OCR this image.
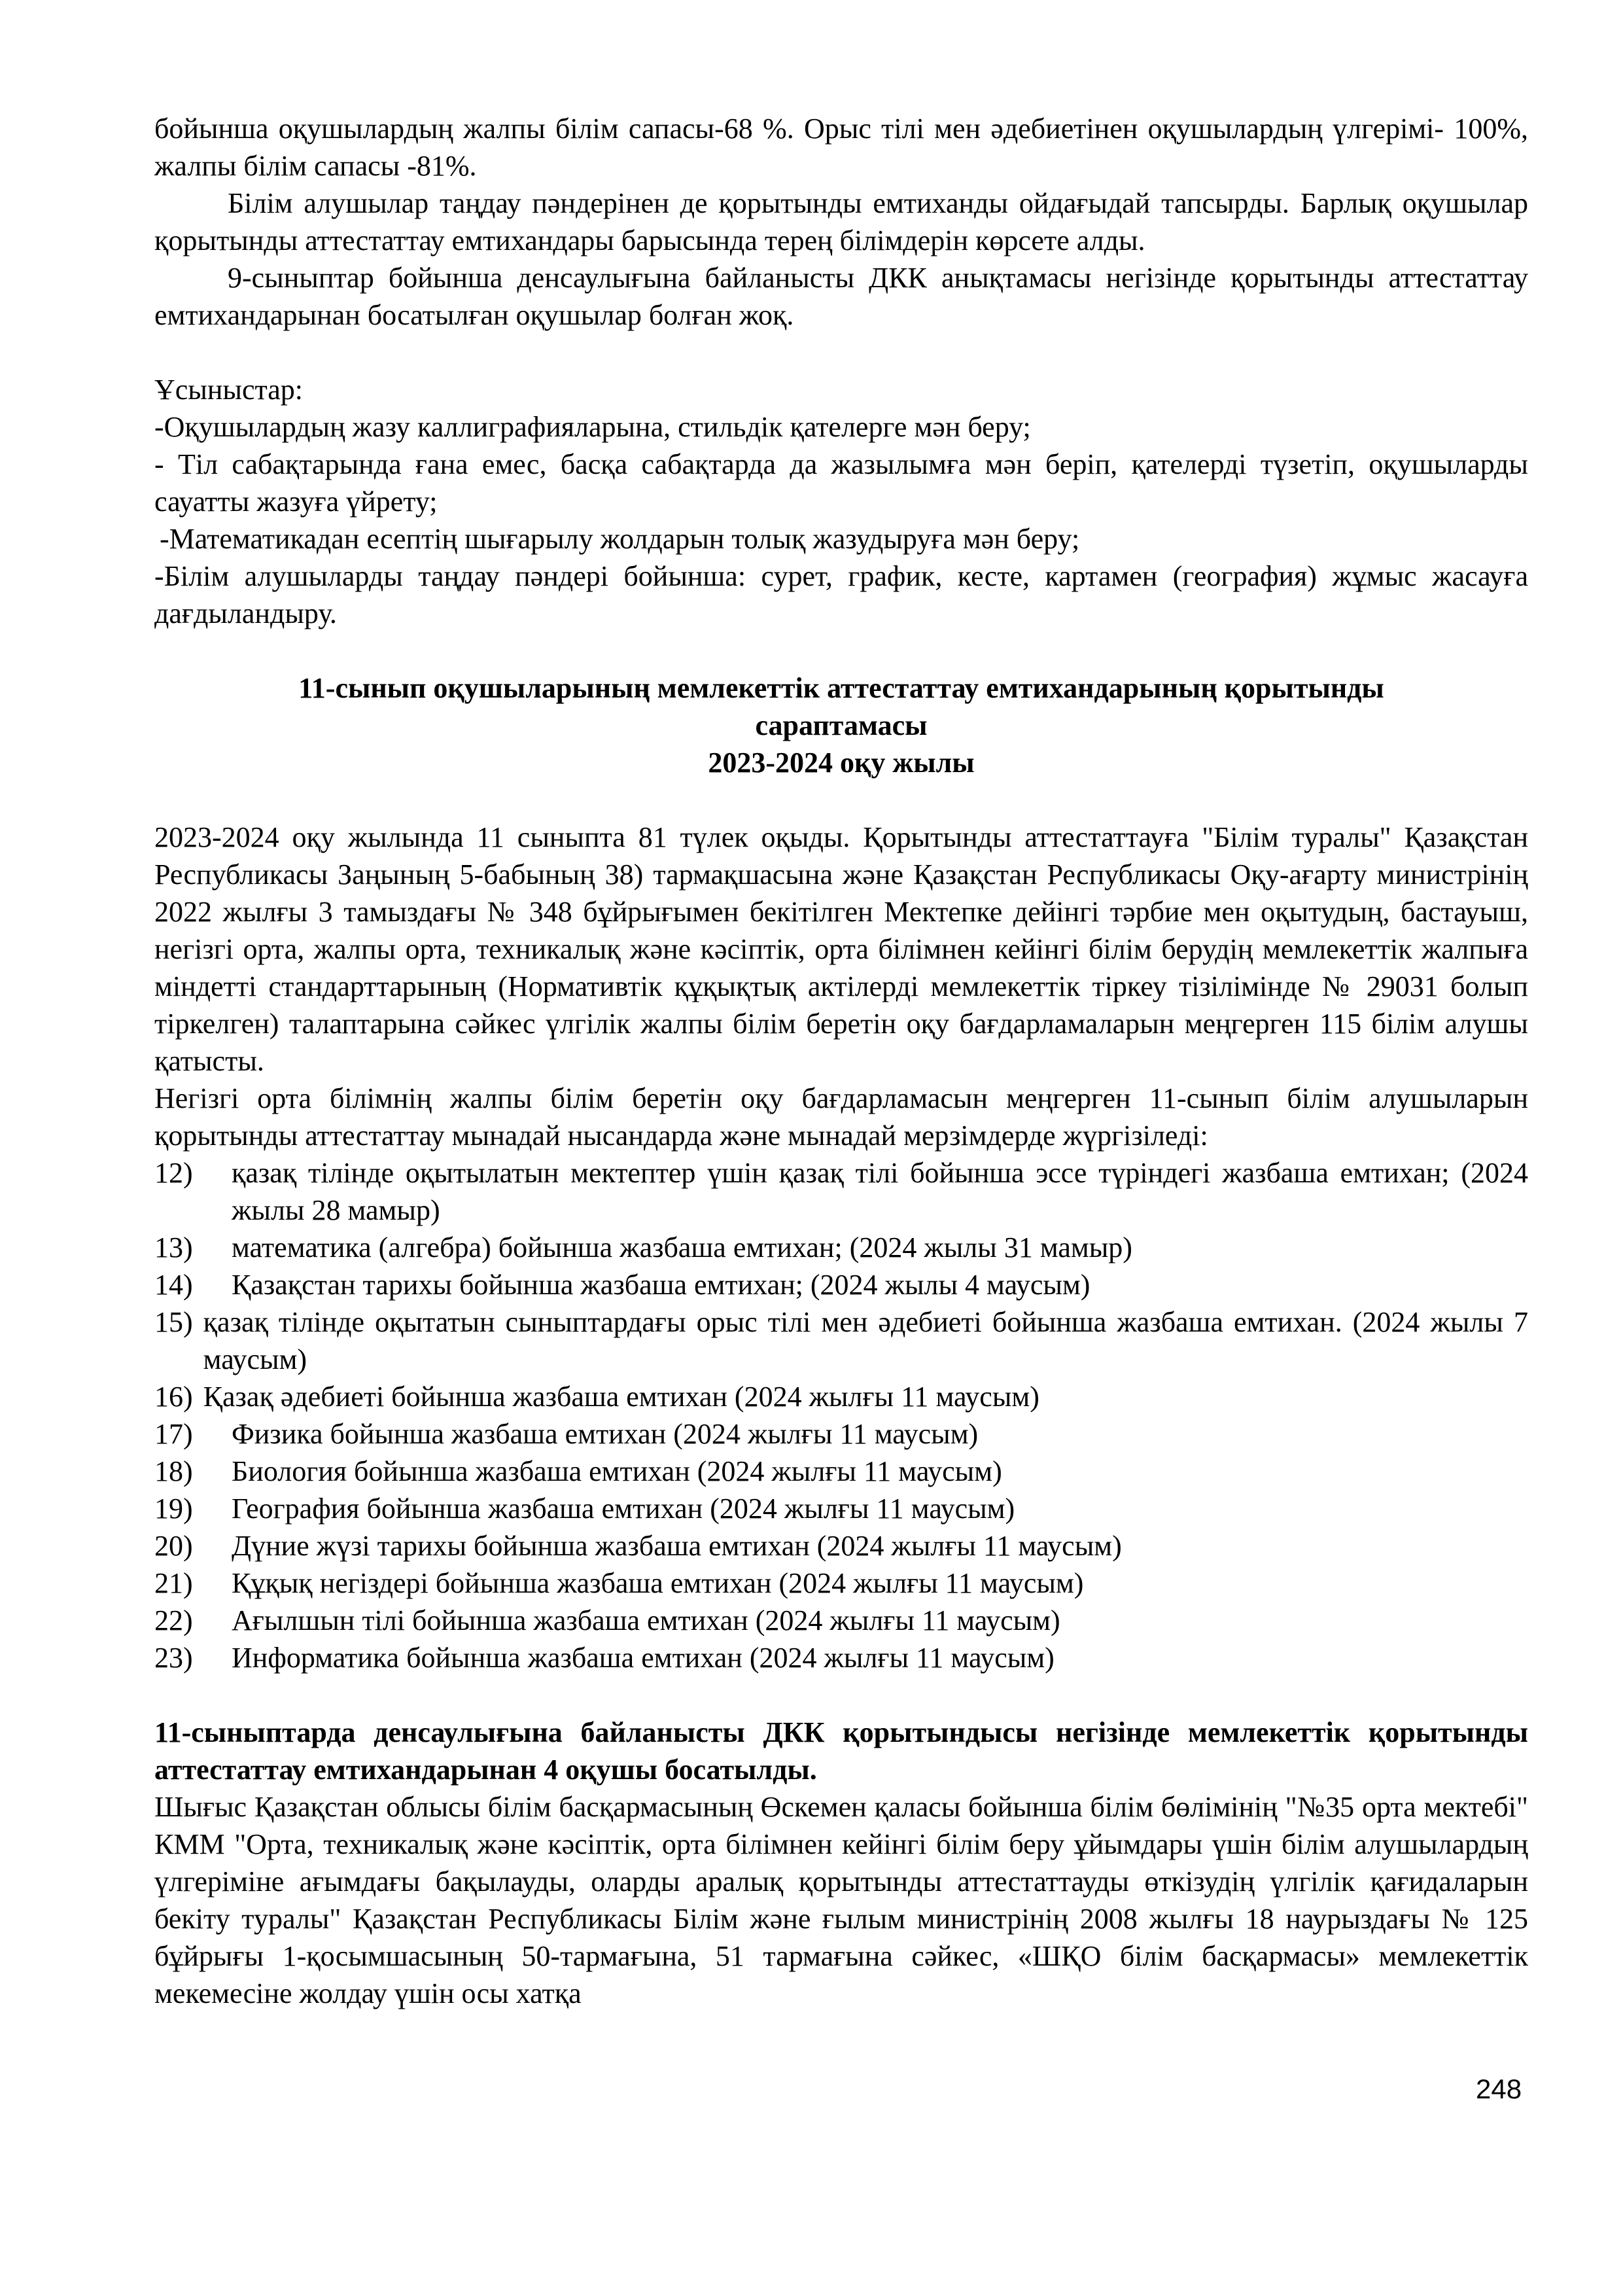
бойынша оқушылардың жалпы білім сапасы-68 %. Орыс тілі мен әдебиетінен оқушылардың үлгерімі- 100%, жалпы білім сапасы -81%.

Білім алушылар таңдау пәндерінен де қорытынды емтиханды ойдағыдай тапсырды. Барлық оқушылар қорытынды аттестаттау емтихандары барысында терең білімдерін көрсете алды.

9-сыныптар бойынша денсаулығына байланысты ДКК анықтамасы негізінде қорытынды аттестаттау емтихандарынан босатылған оқушылар болған жоқ.

Ұсыныстар:

-Оқушылардың жазу каллиграфияларына, стильдік қателерге мән беру;

- Тіл сабақтарында ғана емес, басқа сабақтарда да жазылымға мән беріп, қателерді түзетіп, оқушыларды сауатты жазуға үйрету;

-Математикадан есептің шығарылу жолдарын толық жазудыруға мән беру;

-Білім алушыларды таңдау пәндері бойынша: сурет, график, кесте, картамен (география) жұмыс жасауға дағдыландыру.

11-сынып оқушыларының мемлекеттік аттестаттау емтихандарының қорытынды

сараптамасы

2023-2024 оқу жылы

2023-2024 оқу жылында 11 сыныпта 81 түлек оқыды. Қорытынды аттестаттауға "Білім туралы" Қазақстан Республикасы Заңының 5-бабының 38) тармақшасына және Қазақстан Республикасы Оқу-ағарту министрінің 2022 жылғы 3 тамыздағы № 348 бұйрығымен бекітілген Мектепке дейінгі тәрбие мен оқытудың, бастауыш, негізгі орта, жалпы орта, техникалық және кәсіптік, орта білімнен кейінгі білім берудің мемлекеттік жалпыға міндетті стандарттарының (Нормативтік құқықтық актілерді мемлекеттік тіркеу тізілімінде № 29031 болып тіркелген) талаптарына сәйкес үлгілік жалпы білім беретін оқу бағдарламаларын меңгерген 115 білім алушы қатысты.

Негізгі орта білімнің жалпы білім беретін оқу бағдарламасын меңгерген 11-сынып білім алушыларын қорытынды аттестаттау мынадай нысандарда және мынадай мерзімдерде жүргізіледі:

12)	қазақ тілінде оқытылатын мектептер үшін қазақ тілі бойынша эссе түріндегі жазбаша емтихан; (2024 жылы 28 мамыр)
13)	математика (алгебра) бойынша жазбаша емтихан; (2024 жылы 31 мамыр)
14)	Қазақстан тарихы бойынша жазбаша емтихан; (2024 жылы 4 маусым)
15) қазақ тілінде оқытатын сыныптардағы орыс тілі мен әдебиеті бойынша жазбаша емтихан. (2024 жылы 7 маусым)
16) Қазақ әдебиеті бойынша жазбаша емтихан (2024 жылғы 11 маусым)
17)	Физика бойынша жазбаша емтихан (2024 жылғы 11 маусым)
18)	Биология бойынша жазбаша емтихан (2024 жылғы 11 маусым)
19)	География бойынша жазбаша емтихан (2024 жылғы 11 маусым)
20)	Дүние жүзі тарихы бойынша жазбаша емтихан (2024 жылғы 11 маусым)
21)	Құқық негіздері бойынша жазбаша емтихан (2024 жылғы 11 маусым)
22)	Ағылшын тілі бойынша жазбаша емтихан (2024 жылғы 11 маусым)
23)	Информатика бойынша жазбаша емтихан (2024 жылғы 11 маусым)

11-сыныптарда денсаулығына байланысты ДКК қорытындысы негізінде мемлекеттік қорытынды аттестаттау емтихандарынан 4 оқушы босатылды.

Шығыс Қазақстан облысы білім басқармасының Өскемен қаласы бойынша білім бөлімінің "№35 орта мектебі" КММ "Орта, техникалық және кәсіптік, орта білімнен кейінгі білім беру ұйымдары үшін білім алушылардың үлгеріміне ағымдағы бақылауды, оларды аралық қорытынды аттестаттауды өткізудің үлгілік қағидаларын бекіту туралы" Қазақстан Республикасы Білім және ғылым министрінің 2008 жылғы 18 наурыздағы № 125 бұйрығы 1-қосымшасының 50-тармағына, 51 тармағына сәйкес, «ШҚО білім басқармасы» мемлекеттік мекемесіне жолдау үшін осы хатқа

248
